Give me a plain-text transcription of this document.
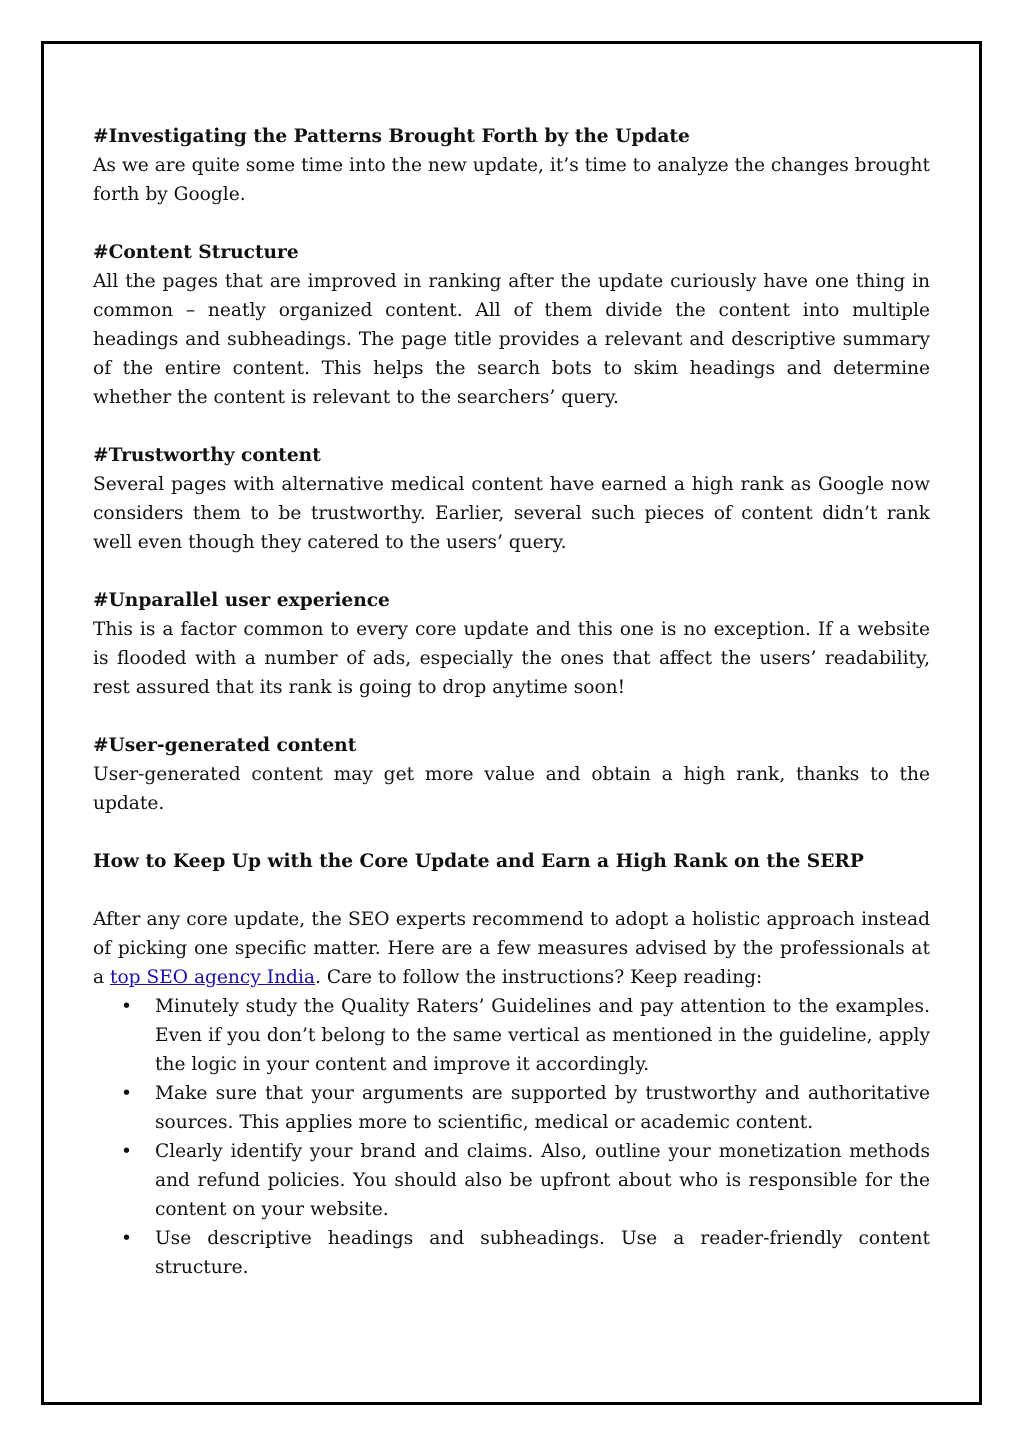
#Investigating the Patterns Brought Forth by the Update

As we are quite some time into the new update, it’s time to analyze the changes brought forth by Google.

#Content Structure

All the pages that are improved in ranking after the update curiously have one thing in common – neatly organized content. All of them divide the content into multiple headings and subheadings. The page title provides a relevant and descriptive summary of the entire content. This helps the search bots to skim headings and determine whether the content is relevant to the searchers’ query.

#Trustworthy content

Several pages with alternative medical content have earned a high rank as Google now considers them to be trustworthy. Earlier, several such pieces of content didn’t rank well even though they catered to the users’ query.

#Unparallel user experience

This is a factor common to every core update and this one is no exception. If a website is flooded with a number of ads, especially the ones that affect the users’ readability, rest assured that its rank is going to drop anytime soon!

#User-generated content

User-generated content may get more value and obtain a high rank, thanks to the update.

How to Keep Up with the Core Update and Earn a High Rank on the SERP

After any core update, the SEO experts recommend to adopt a holistic approach instead of picking one specific matter. Here are a few measures advised by the professionals at a top SEO agency India. Care to follow the instructions? Keep reading:

• Minutely study the Quality Raters’ Guidelines and pay attention to the examples. Even if you don’t belong to the same vertical as mentioned in the guideline, apply the logic in your content and improve it accordingly.
• Make sure that your arguments are supported by trustworthy and authoritative sources. This applies more to scientific, medical or academic content.
• Clearly identify your brand and claims. Also, outline your monetization methods and refund policies. You should also be upfront about who is responsible for the content on your website.
• Use descriptive headings and subheadings. Use a reader-friendly content structure.
